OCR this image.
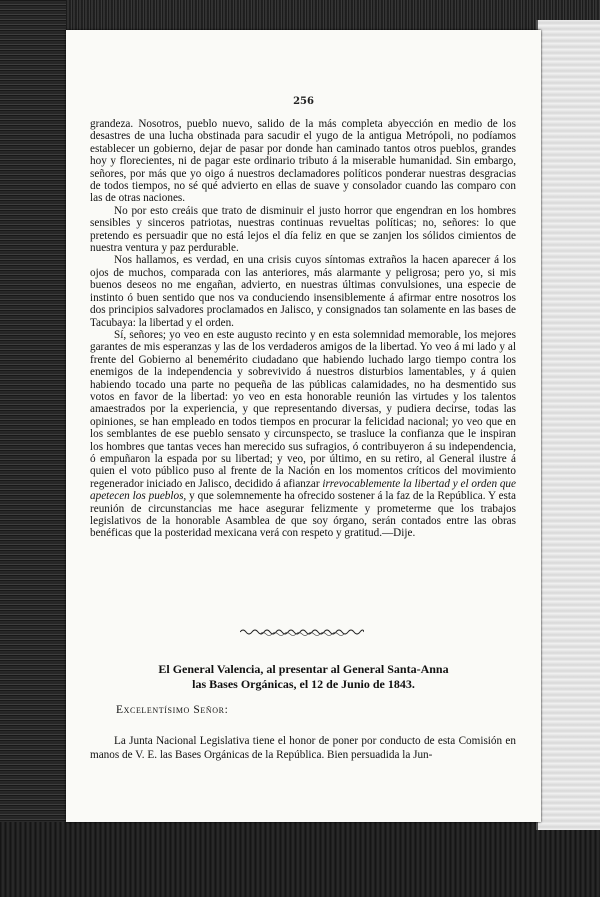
256

grandeza. Nosotros, pueblo nuevo, salido de la más completa abyección en medio de los desastres de una lucha obstinada para sacudir el yugo de la antigua Metrópoli, no podíamos establecer un gobierno, dejar de pasar por donde han caminado tantos otros pueblos, grandes hoy y florecientes, ni de pagar este ordinario tributo á la miserable humanidad. Sin embargo, señores, por más que yo oigo á nuestros declamadores políticos ponderar nuestras desgracias de todos tiempos, no sé qué advierto en ellas de suave y consolador cuando las comparo con las de otras naciones.

No por esto creáis que trato de disminuir el justo horror que engendran en los hombres sensibles y sinceros patriotas, nuestras continuas revueltas políticas; no, señores: lo que pretendo es persuadir que no está lejos el día feliz en que se zanjen los sólidos cimientos de nuestra ventura y paz perdurable.

Nos hallamos, es verdad, en una crisis cuyos síntomas extraños la hacen aparecer á los ojos de muchos, comparada con las anteriores, más alarmante y peligrosa; pero yo, si mis buenos deseos no me engañan, advierto, en nuestras últimas convulsiones, una especie de instinto ó buen sentido que nos va conduciendo insensiblemente á afirmar entre nosotros los dos principios salvadores proclamados en Jalisco, y consignados tan solamente en las bases de Tacubaya: la libertad y el orden.

Sí, señores; yo veo en este augusto recinto y en esta solemnidad memorable, los mejores garantes de mis esperanzas y las de los verdaderos amigos de la libertad. Yo veo á mi lado y al frente del Gobierno al benemérito ciudadano que habiendo luchado largo tiempo contra los enemigos de la independencia y sobrevivido á nuestros disturbios lamentables, y á quien habiendo tocado una parte no pequeña de las públicas calamidades, no ha desmentido sus votos en favor de la libertad: yo veo en esta honorable reunión las virtudes y los talentos amaestrados por la experiencia, y que representando diversas, y pudiera decirse, todas las opiniones, se han empleado en todos tiempos en procurar la felicidad nacional; yo veo que en los semblantes de ese pueblo sensato y circunspecto, se trasluce la confianza que le inspiran los hombres que tantas veces han merecido sus sufragios, ó contribuyeron á su independencia, ó empuñaron la espada por su libertad; y veo, por último, en su retiro, al General ilustre á quien el voto público puso al frente de la Nación en los momentos críticos del movimiento regenerador iniciado en Jalisco, decidido á afianzar irrevocablemente la libertad y el orden que apetecen los pueblos, y que solemnemente ha ofrecido sostener á la faz de la República. Y esta reunión de circunstancias me hace asegurar felizmente y prometerme que los trabajos legislativos de la honorable Asamblea de que soy órgano, serán contados entre las obras benéficas que la posteridad mexicana verá con respeto y gratitud.—Dije.

El General Valencia, al presentar al General Santa-Anna
las Bases Orgánicas, el 12 de Junio de 1843.
Excelentísimo Señor:

La Junta Nacional Legislativa tiene el honor de poner por conducto de esta Comisión en manos de V. E. las Bases Orgánicas de la República. Bien persuadida la Jun-
